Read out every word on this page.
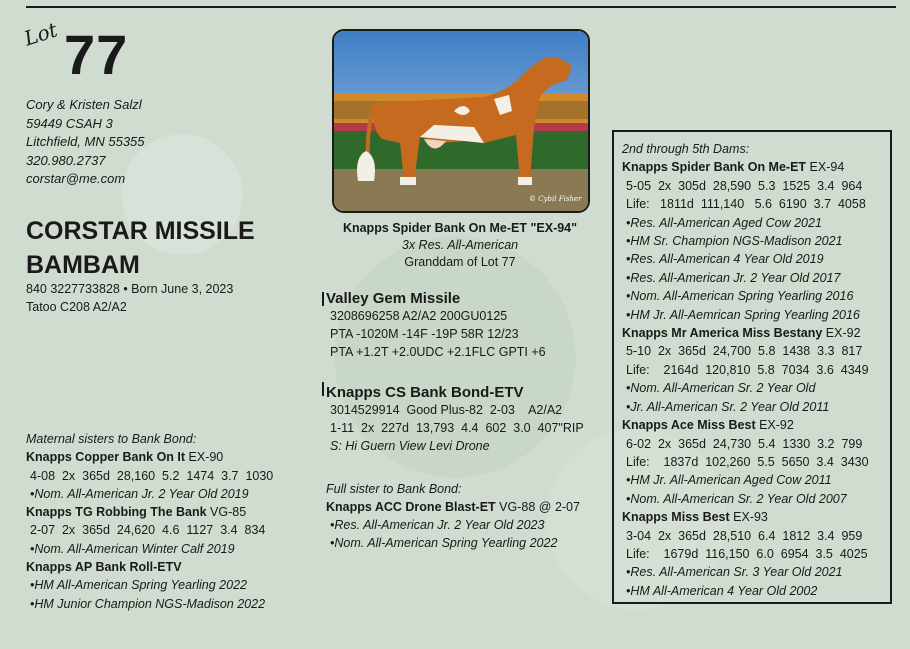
Lot 77
Cory & Kristen Salzl
59449 CSAH 3
Litchfield, MN 55355
320.980.2737
corstar@me.com
CORSTAR MISSILE
BAMBAM
840 3227733828 • Born June 3, 2023
Tatoo C208 A2/A2
© Cybil Fisher
Knapps Spider Bank On Me-ET "EX-94"
3x Res. All-American
Granddam of Lot 77
Valley Gem Missile
3208696258 A2/A2 200GU0125
PTA -1020M -14F -19P 58R 12/23
PTA +1.2T +2.0UDC +2.1FLC GPTI +6
Knapps CS Bank Bond-ETV
3014529914  Good Plus-82  2-03    A2/A2
1-11  2x  227d  13,793  4.4  602  3.0  407"RIP
S: Hi Guern View Levi Drone
Full sister to Bank Bond:
Knapps ACC Drone Blast-ET VG-88 @ 2-07
•Res. All-American Jr. 2 Year Old 2023
•Nom. All-American Spring Yearling 2022
Maternal sisters to Bank Bond:
Knapps Copper Bank On It EX-90
4-08  2x  365d  28,160  5.2  1474  3.7  1030
•Nom. All-American Jr. 2 Year Old 2019
Knapps TG Robbing The Bank VG-85
2-07  2x  365d  24,620  4.6  1127  3.4  834
•Nom. All-American Winter Calf 2019
Knapps AP Bank Roll-ETV
•HM All-American Spring Yearling 2022
•HM Junior Champion NGS-Madison 2022
2nd through 5th Dams:
Knapps Spider Bank On Me-ET EX-94
5-05  2x  305d  28,590  5.3  1525  3.4  964
Life:   1811d  111,140   5.6  6190  3.7  4058
•Res. All-American Aged Cow 2021
•HM Sr. Champion NGS-Madison 2021
•Res. All-American 4 Year Old 2019
•Res. All-American Jr. 2 Year Old 2017
•Nom. All-American Spring Yearling 2016
•HM Jr. All-Aemrican Spring Yearling 2016
Knapps Mr America Miss Bestany EX-92
5-10  2x  365d  24,700  5.8  1438  3.3  817
Life:    2164d  120,810  5.8  7034  3.6  4349
•Nom. All-American Sr. 2 Year Old
•Jr. All-American Sr. 2 Year Old 2011
Knapps Ace Miss Best EX-92
6-02  2x  365d  24,730  5.4  1330  3.2  799
Life:    1837d  102,260  5.5  5650  3.4  3430
•HM Jr. All-American Aged Cow 2011
•Nom. All-American Sr. 2 Year Old 2007
Knapps Miss Best EX-93
3-04  2x  365d  28,510  6.4  1812  3.4  959
Life:    1679d  116,150  6.0  6954  3.5  4025
•Res. All-American Sr. 3 Year Old 2021
•HM All-American 4 Year Old 2002
